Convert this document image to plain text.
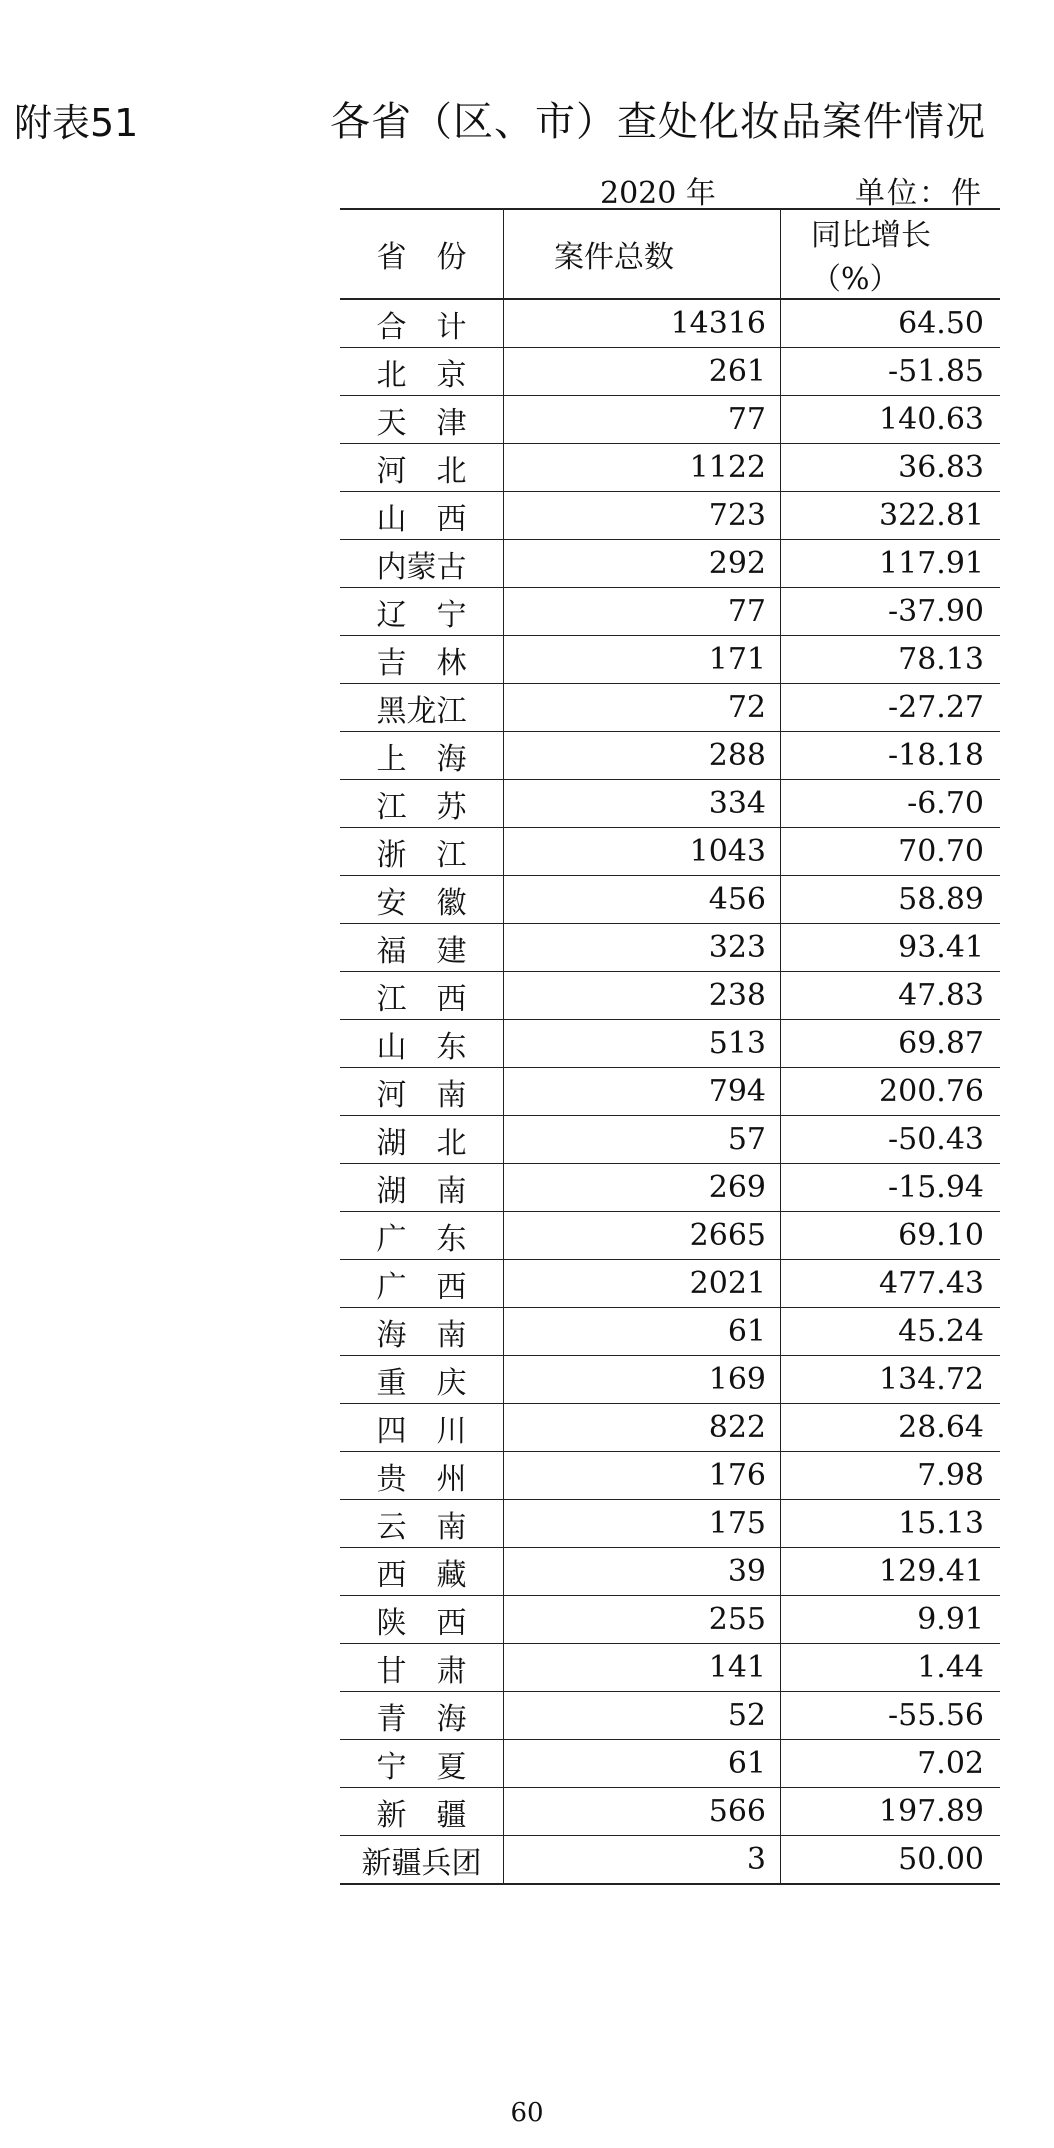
附表51	各省（区、市）查处化妆品案件情况
2020 年	单位：件
省　份	案件总数	同比增长（%）
合　计	14316	64.50
北　京	261	-51.85
天　津	77	140.63
河　北	1122	36.83
山　西	723	322.81
内蒙古	292	117.91
辽　宁	77	-37.90
吉　林	171	78.13
黑龙江	72	-27.27
上　海	288	-18.18
江　苏	334	-6.70
浙　江	1043	70.70
安　徽	456	58.89
福　建	323	93.41
江　西	238	47.83
山　东	513	69.87
河　南	794	200.76
湖　北	57	-50.43
湖　南	269	-15.94
广　东	2665	69.10
广　西	2021	477.43
海　南	61	45.24
重　庆	169	134.72
四　川	822	28.64
贵　州	176	7.98
云　南	175	15.13
西　藏	39	129.41
陕　西	255	9.91
甘　肃	141	1.44
青　海	52	-55.56
宁　夏	61	7.02
新　疆	566	197.89
新疆兵团	3	50.00
60
